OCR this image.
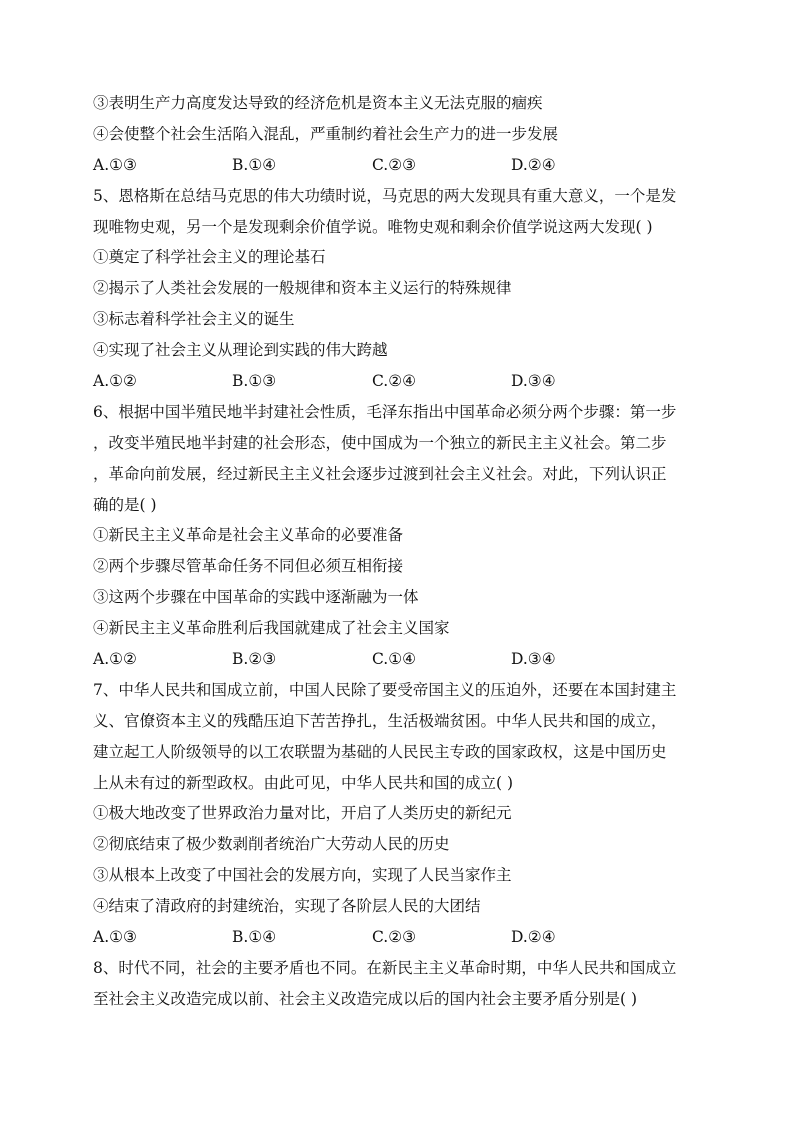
③表明生产力高度发达导致的经济危机是资本主义无法克服的痼疾
④会使整个社会生活陷入混乱，严重制约着社会生产力的进一步发展
A.①③	B.①④	C.②③	D.②④
5、恩格斯在总结马克思的伟大功绩时说，马克思的两大发现具有重大意义，一个是发
现唯物史观，另一个是发现剩余价值学说。唯物史观和剩余价值学说这两大发现( )
①奠定了科学社会主义的理论基石
②揭示了人类社会发展的一般规律和资本主义运行的特殊规律
③标志着科学社会主义的诞生
④实现了社会主义从理论到实践的伟大跨越
A.①②	B.①③	C.②④	D.③④
6、根据中国半殖民地半封建社会性质，毛泽东指出中国革命必须分两个步骤：第一步
，改变半殖民地半封建的社会形态，使中国成为一个独立的新民主主义社会。第二步
，革命向前发展，经过新民主主义社会逐步过渡到社会主义社会。对此，下列认识正
确的是( )
①新民主主义革命是社会主义革命的必要准备
②两个步骤尽管革命任务不同但必须互相衔接
③这两个步骤在中国革命的实践中逐渐融为一体
④新民主主义革命胜利后我国就建成了社会主义国家
A.①②	B.②③	C.①④	D.③④
7、中华人民共和国成立前，中国人民除了要受帝国主义的压迫外，还要在本国封建主
义、官僚资本主义的残酷压迫下苦苦挣扎，生活极端贫困。中华人民共和国的成立，
建立起工人阶级领导的以工农联盟为基础的人民民主专政的国家政权，这是中国历史
上从未有过的新型政权。由此可见，中华人民共和国的成立( )
①极大地改变了世界政治力量对比，开启了人类历史的新纪元
②彻底结束了极少数剥削者统治广大劳动人民的历史
③从根本上改变了中国社会的发展方向，实现了人民当家作主
④结束了清政府的封建统治，实现了各阶层人民的大团结
A.①③	B.①④	C.②③	D.②④
8、时代不同，社会的主要矛盾也不同。在新民主主义革命时期，中华人民共和国成立
至社会主义改造完成以前、社会主义改造完成以后的国内社会主要矛盾分别是( )
